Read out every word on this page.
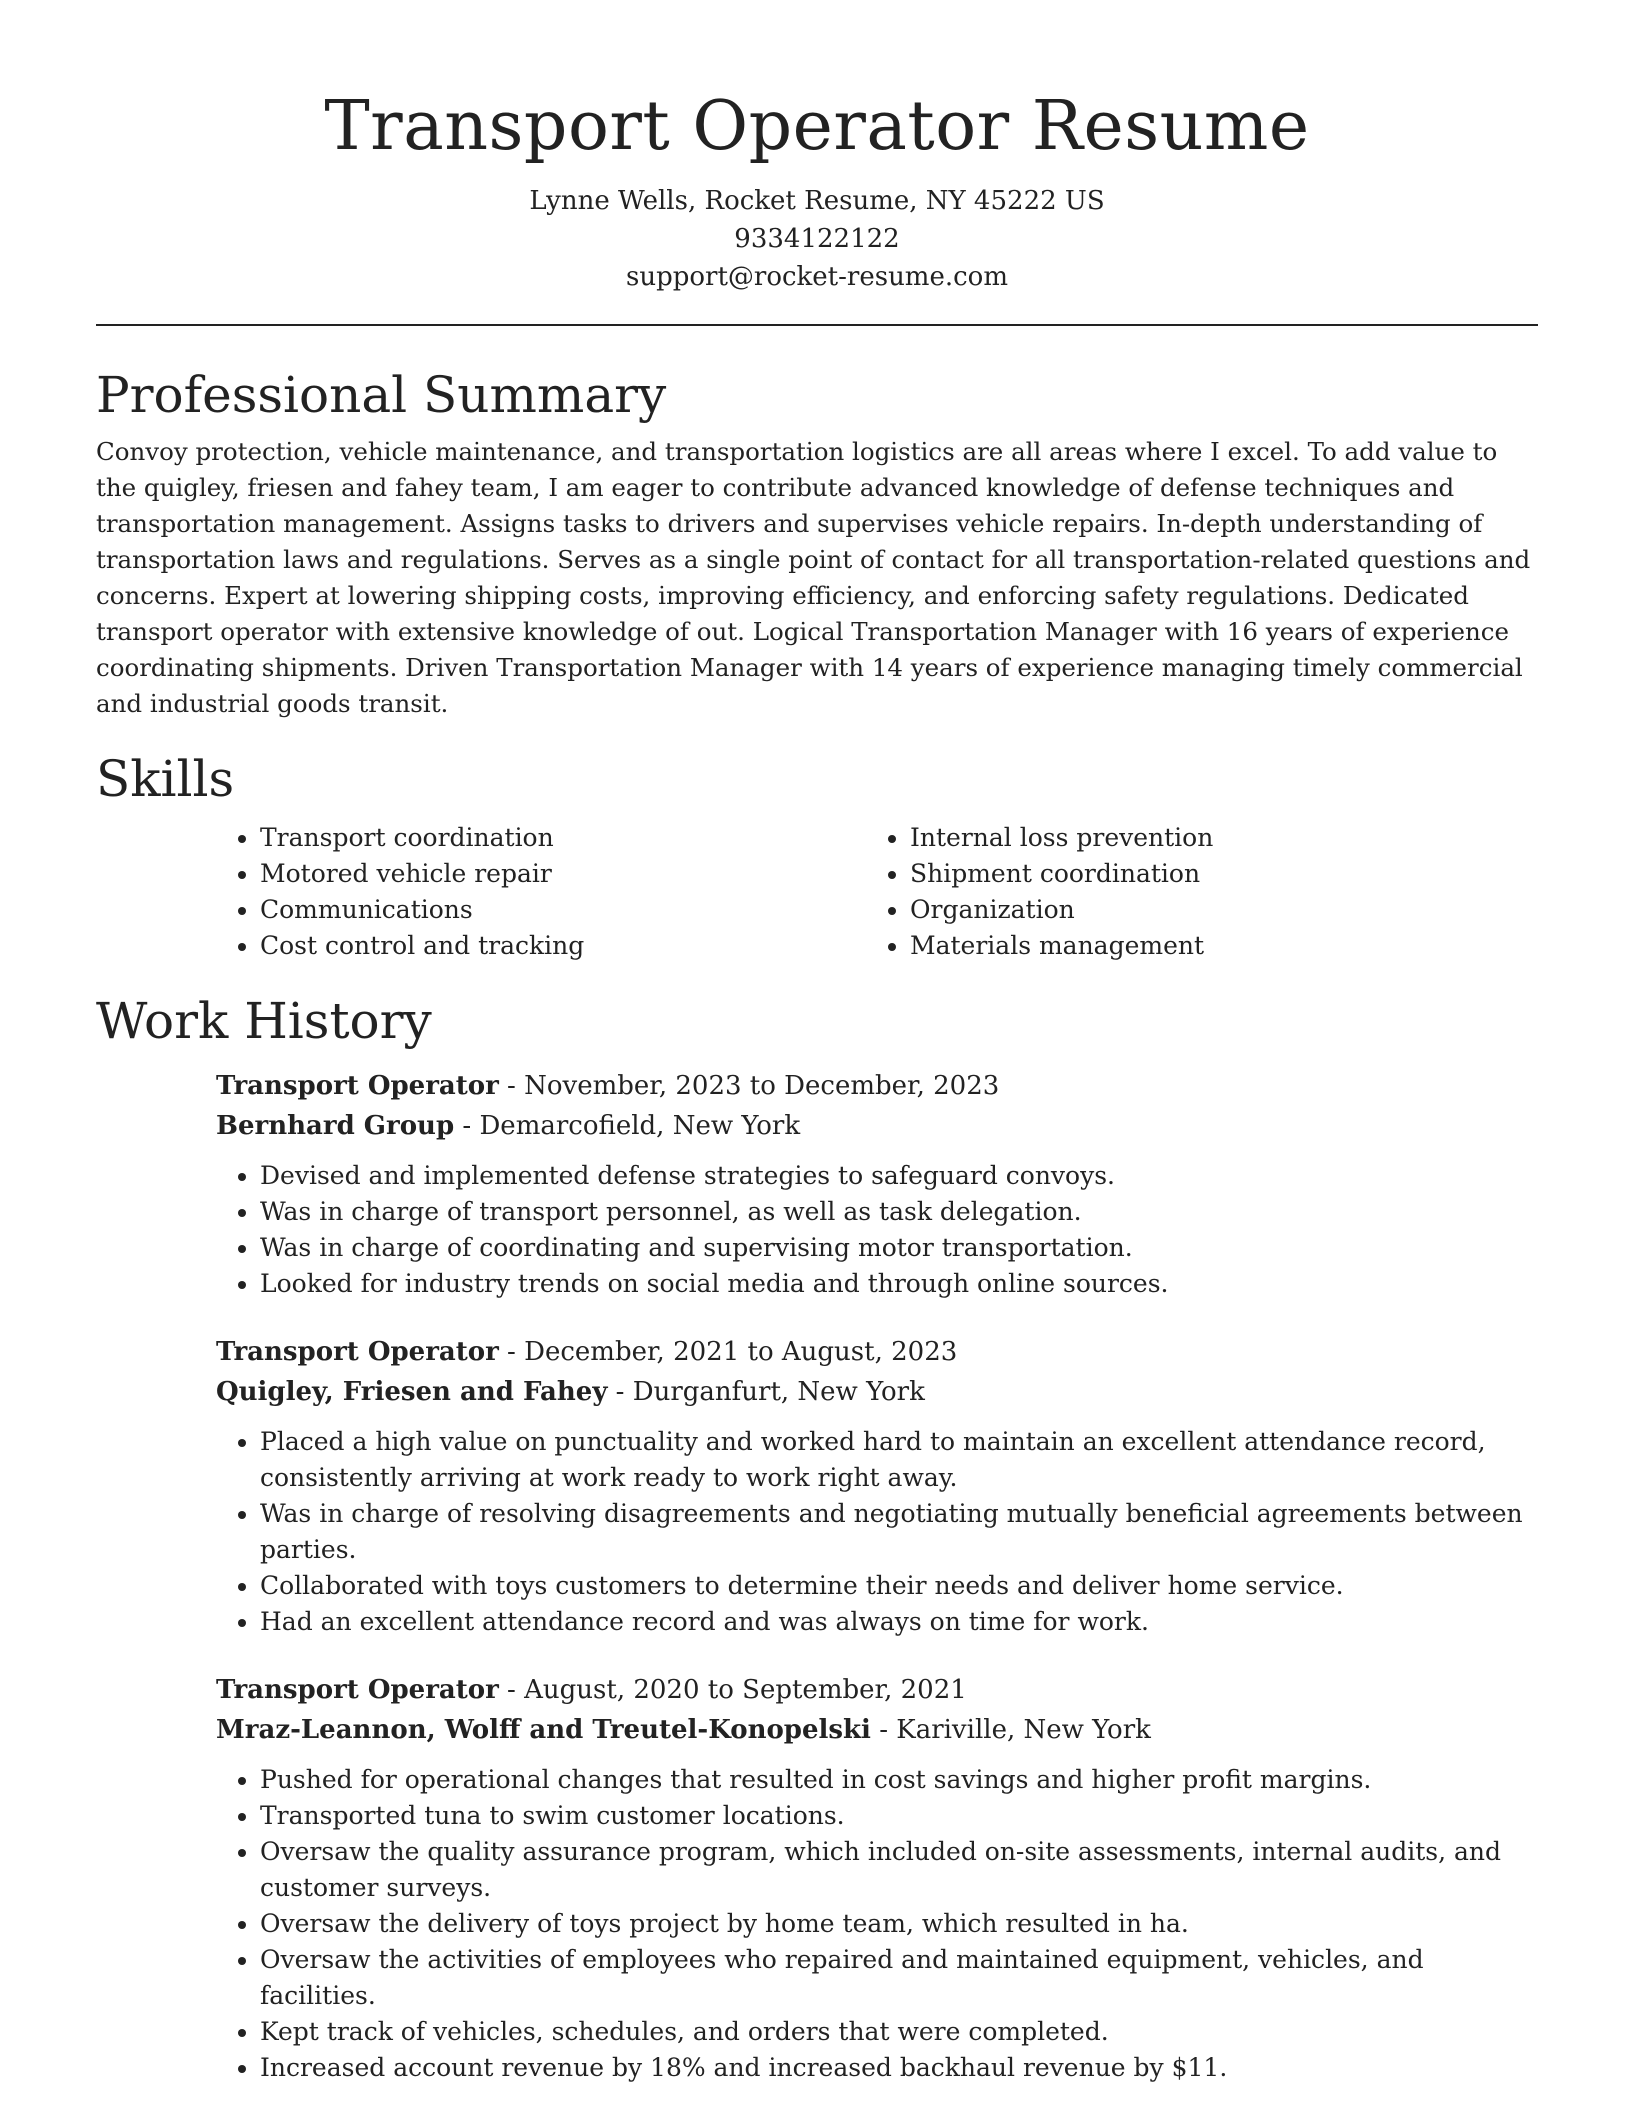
Transport Operator Resume

Lynne Wells, Rocket Resume, NY 45222 US

9334122122

support@rocket-resume.com

Professional Summary

Convoy protection, vehicle maintenance, and transportation logistics are all areas where I excel. To add value to the quigley, friesen and fahey team, I am eager to contribute advanced knowledge of defense techniques and transportation management. Assigns tasks to drivers and supervises vehicle repairs. In-depth understanding of transportation laws and regulations. Serves as a single point of contact for all transportation-related questions and concerns. Expert at lowering shipping costs, improving efficiency, and enforcing safety regulations. Dedicated transport operator with extensive knowledge of out. Logical Transportation Manager with 16 years of experience coordinating shipments. Driven Transportation Manager with 14 years of experience managing timely commercial and industrial goods transit.

Skills
• Transport coordination
• Motored vehicle repair
• Communications
• Cost control and tracking
• Internal loss prevention
• Shipment coordination
• Organization
• Materials management
Work History

Transport Operator - November, 2023 to December, 2023

Bernhard Group - Demarcofield, New York

• Devised and implemented defense strategies to safeguard convoys.
• Was in charge of transport personnel, as well as task delegation.
• Was in charge of coordinating and supervising motor transportation.
• Looked for industry trends on social media and through online sources.

Transport Operator - December, 2021 to August, 2023

Quigley, Friesen and Fahey - Durganfurt, New York

• Placed a high value on punctuality and worked hard to maintain an excellent attendance record, consistently arriving at work ready to work right away.
• Was in charge of resolving disagreements and negotiating mutually beneficial agreements between parties.
• Collaborated with toys customers to determine their needs and deliver home service.
• Had an excellent attendance record and was always on time for work.

Transport Operator - August, 2020 to September, 2021

Mraz-Leannon, Wolff and Treutel-Konopelski - Kariville, New York

• Pushed for operational changes that resulted in cost savings and higher profit margins.
• Transported tuna to swim customer locations.
• Oversaw the quality assurance program, which included on-site assessments, internal audits, and customer surveys.
• Oversaw the delivery of toys project by home team, which resulted in ha.
• Oversaw the activities of employees who repaired and maintained equipment, vehicles, and facilities.
• Kept track of vehicles, schedules, and orders that were completed.
• Increased account revenue by 18% and increased backhaul revenue by $11.
